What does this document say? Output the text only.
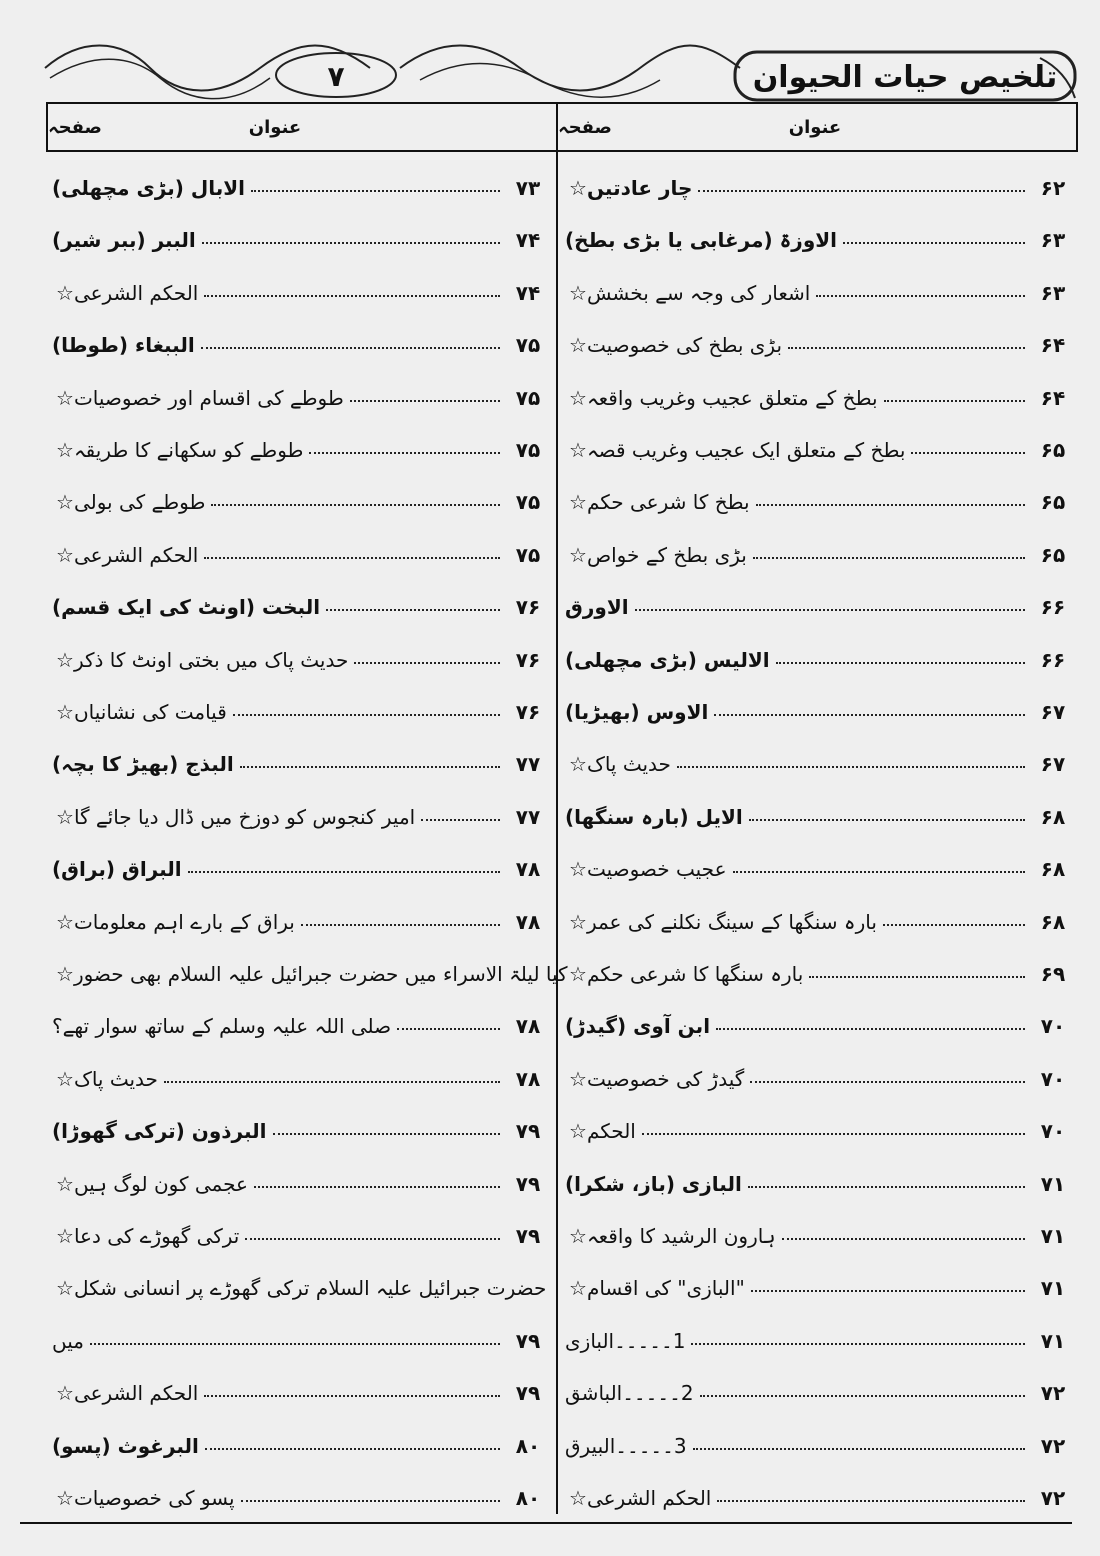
۷	تلخیص حیات الحیوان
عنوان
صفحہ
عنوان
صفحہ
☆ چار عادتیں	۶۲
الاوزۃ (مرغابی یا بڑی بطخ)	۶۳
☆ اشعار کی وجہ سے بخشش	۶۳
☆ بڑی بطخ کی خصوصیت	۶۴
☆ بطخ کے متعلق عجیب وغریب واقعہ	۶۴
☆ بطخ کے متعلق ایک عجیب وغریب قصہ	۶۵
☆ بطخ کا شرعی حکم	۶۵
☆ بڑی بطخ کے خواص	۶۵
الاورق	۶۶
الالیس (بڑی مچھلی)	۶۶
الاوس (بھیڑیا)	۶۷
☆ حدیث پاک	۶۷
الایل (بارہ سنگھا)	۶۸
☆ عجیب خصوصیت	۶۸
☆ بارہ سنگھا کے سینگ نکلنے کی عمر	۶۸
☆ بارہ سنگھا کا شرعی حکم	۶۹
ابن آوی (گیدڑ)	۷۰
☆ گیدڑ کی خصوصیت	۷۰
☆ الحکم	۷۰
البازی (باز، شکرا)	۷۱
☆ ہارون الرشید کا واقعہ	۷۱
☆ "البازی" کی اقسام	۷۱
1۔۔۔۔۔البازی	۷۱
2۔۔۔۔۔الباشق	۷۲
3۔۔۔۔۔البیرق	۷۲
☆ الحکم الشرعی	۷۲
الابال (بڑی مچھلی)	۷۳
الببر (ببر شیر)	۷۴
☆ الحکم الشرعی	۷۴
الببغاء (طوطا)	۷۵
☆ طوطے کی اقسام اور خصوصیات	۷۵
☆ طوطے کو سکھانے کا طریقہ	۷۵
☆ طوطے کی بولی	۷۵
☆ الحکم الشرعی	۷۵
البخت (اونٹ کی ایک قسم)	۷۶
☆ حدیث پاک میں بختی اونٹ کا ذکر	۷۶
☆ قیامت کی نشانیاں	۷۶
البذج (بھیڑ کا بچہ)	۷۷
☆ امیر کنجوس کو دوزخ میں ڈال دیا جائے گا	۷۷
البراق (براق)	۷۸
☆ براق کے بارے اہم معلومات	۷۸
☆ کیا لیلۃ الاسراء میں حضرت جبرائیل علیہ السلام بھی حضور
صلی اللہ علیہ وسلم کے ساتھ سوار تھے؟	۷۸
☆ حدیث پاک	۷۸
البرذون (ترکی گھوڑا)	۷۹
☆ عجمی کون لوگ ہیں	۷۹
☆ ترکی گھوڑے کی دعا	۷۹
☆ حضرت جبرائیل علیہ السلام ترکی گھوڑے پر انسانی شکل
میں	۷۹
☆ الحکم الشرعی	۷۹
البرغوث (پسو)	۸۰
☆ پسو کی خصوصیات	۸۰
